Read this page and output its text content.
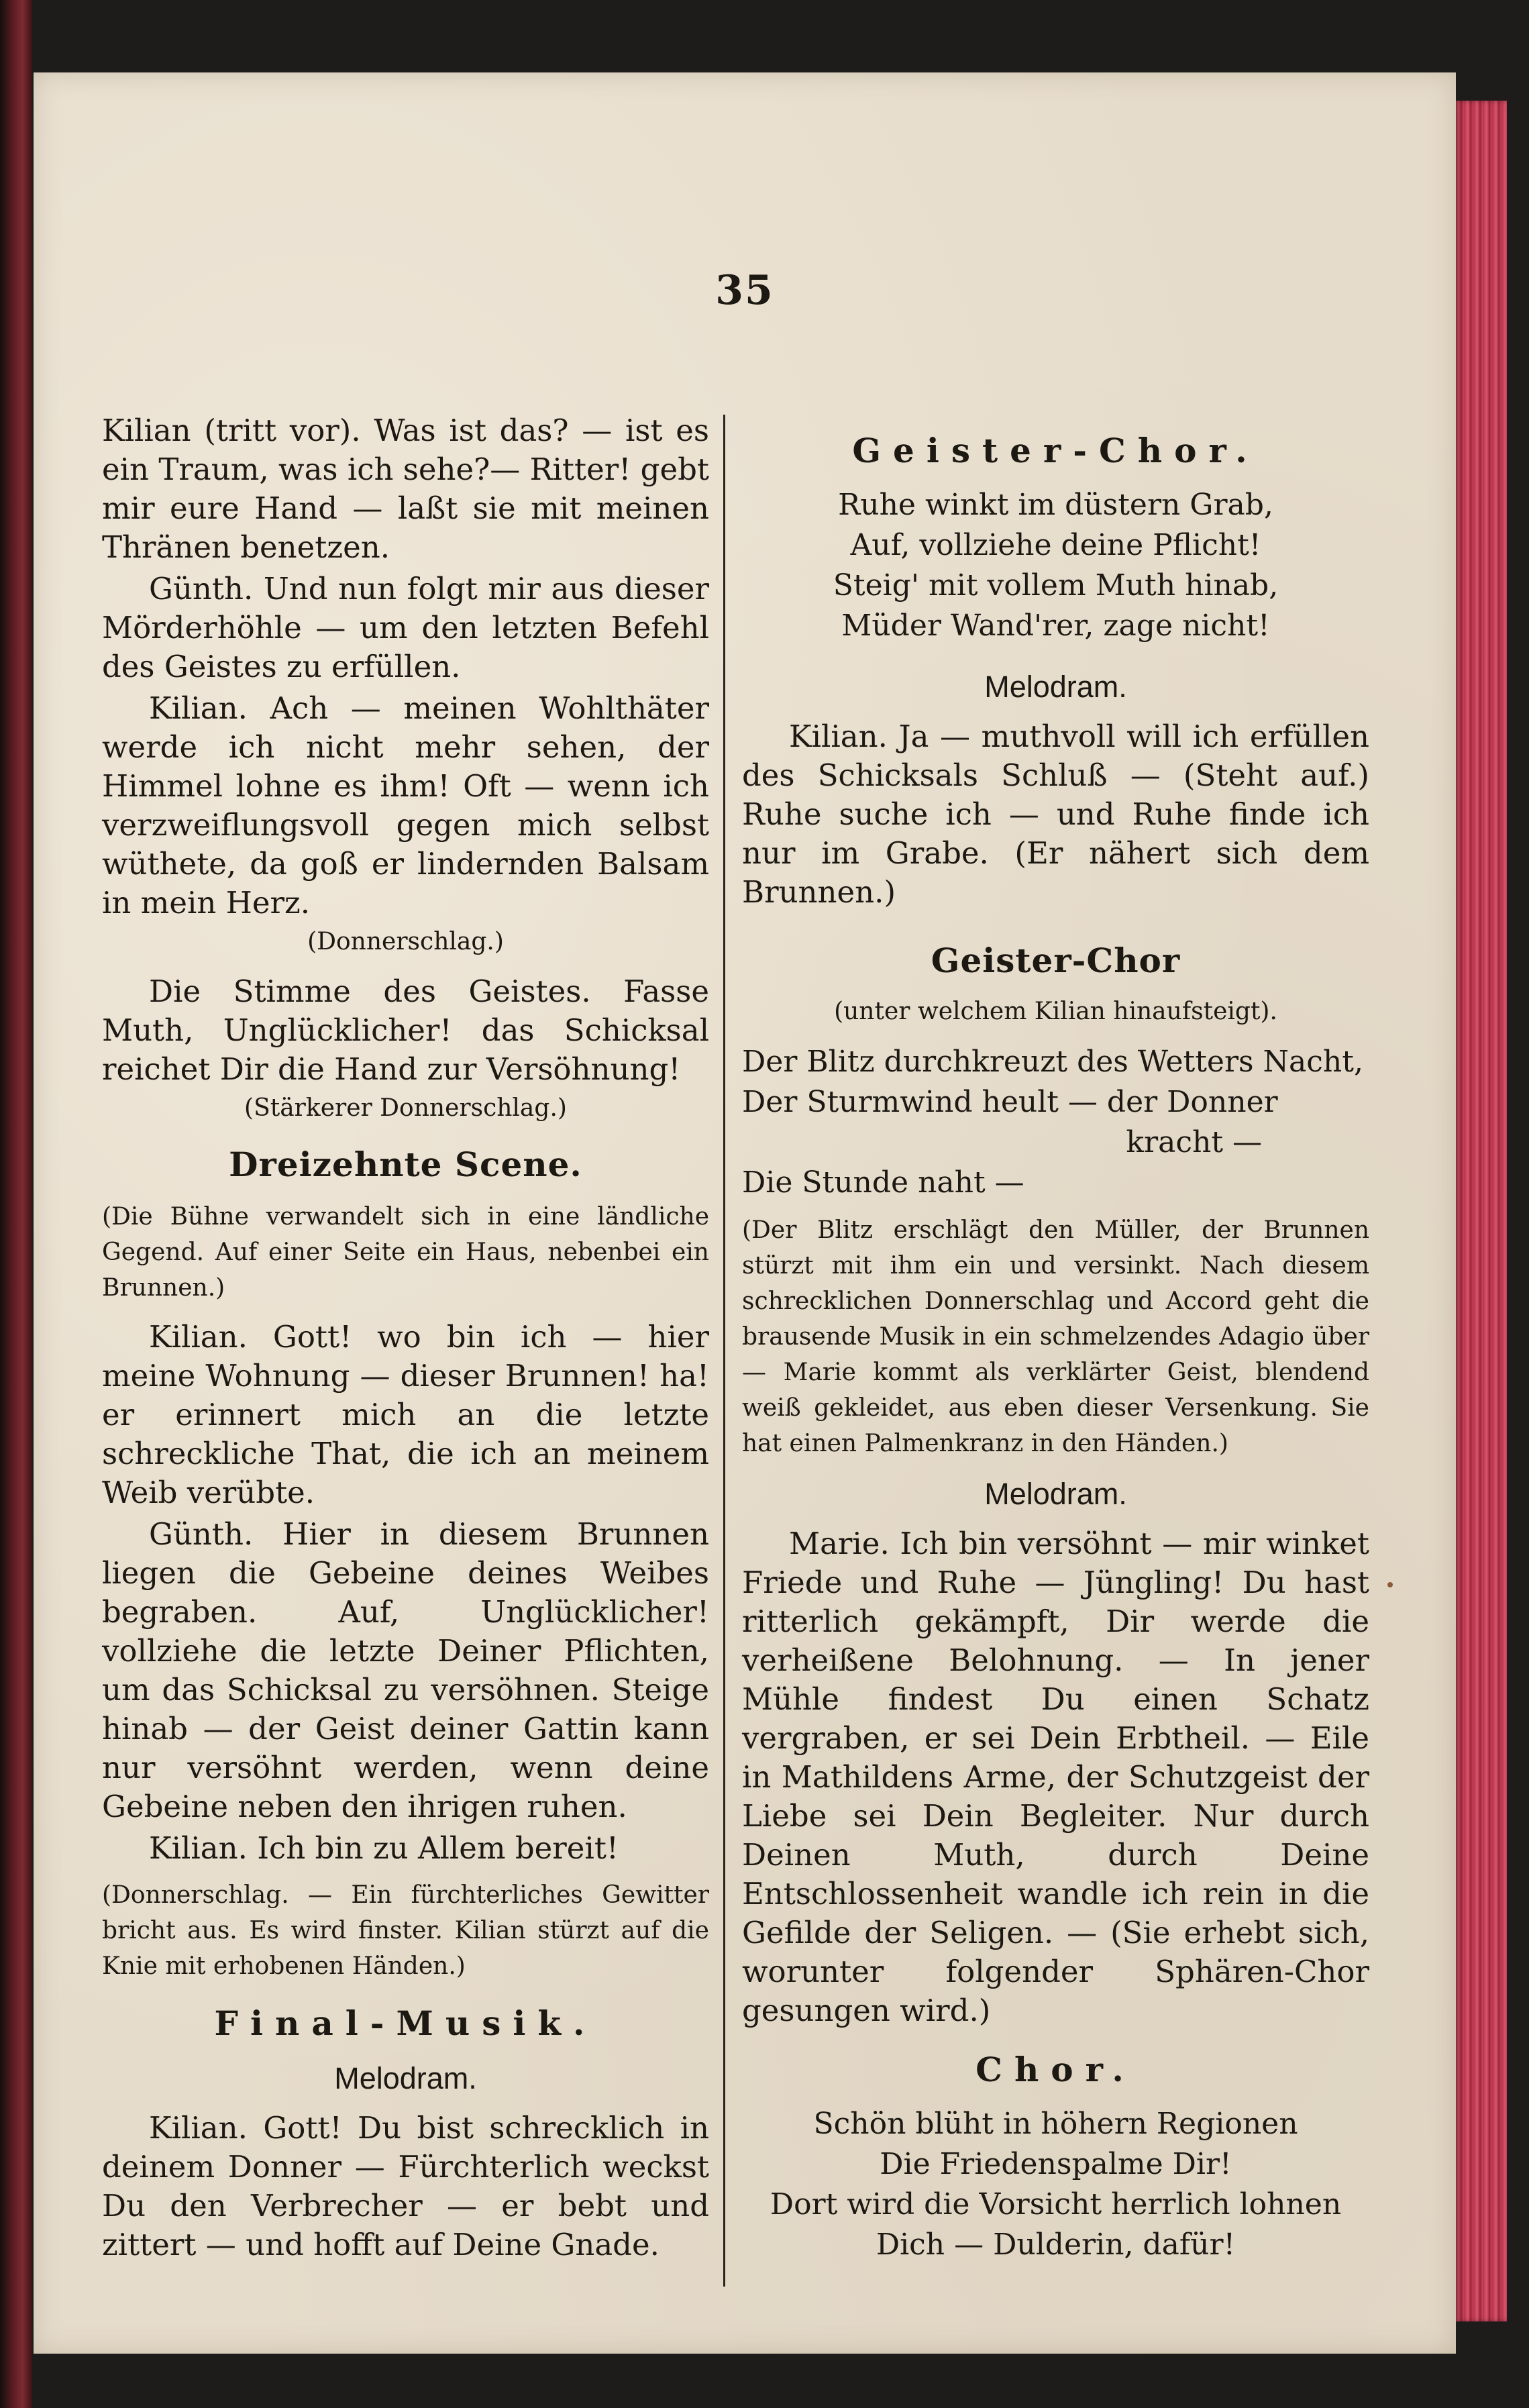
35

Kilian (tritt vor). Was ist das? — ist es ein Traum, was ich sehe?— Ritter! gebt mir eure Hand — laßt sie mit meinen Thränen benetzen.

Günth. Und nun folgt mir aus dieser Mörderhöhle — um den letzten Befehl des Geistes zu erfüllen.

Kilian. Ach — meinen Wohlthäter werde ich nicht mehr sehen, der Himmel lohne es ihm! Oft — wenn ich verzweiflungsvoll gegen mich selbst wüthete, da goß er lindernden Balsam in mein Herz.

(Donnerschlag.)

Die Stimme des Geistes. Fasse Muth, Unglücklicher! das Schicksal reichet Dir die Hand zur Versöhnung!

(Stärkerer Donnerschlag.)
Dreizehnte Scene.
(Die Bühne verwandelt sich in eine ländliche Gegend. Auf einer Seite ein Haus, nebenbei ein Brunnen.)

Kilian. Gott! wo bin ich — hier meine Wohnung — dieser Brunnen! ha! er erinnert mich an die letzte schreckliche That, die ich an meinem Weib verübte.

Günth. Hier in diesem Brunnen liegen die Gebeine deines Weibes begraben. Auf, Unglücklicher! vollziehe die letzte Deiner Pflichten, um das Schicksal zu versöhnen. Steige hinab — der Geist deiner Gattin kann nur versöhnt werden, wenn deine Gebeine neben den ihrigen ruhen.

Kilian. Ich bin zu Allem bereit!

(Donnerschlag. — Ein fürchterliches Gewitter bricht aus. Es wird finster. Kilian stürzt auf die Knie mit erhobenen Händen.)
Final-Musik.
Melodram.

Kilian. Gott! Du bist schrecklich in deinem Donner — Fürchterlich weckst Du den Verbrecher — er bebt und zittert — und hofft auf Deine Gnade.

Geister-Chor.

Ruhe winkt im düstern Grab,

Auf, vollziehe deine Pflicht!

Steig' mit vollem Muth hinab,

Müder Wand'rer, zage nicht!

Melodram.

Kilian. Ja — muthvoll will ich erfüllen des Schicksals Schluß — (Steht auf.) Ruhe suche ich — und Ruhe finde ich nur im Grabe. (Er nähert sich dem Brunnen.)

Geister-Chor
(unter welchem Kilian hinaufsteigt).

Der Blitz durchkreuzt des Wetters Nacht,

Der Sturmwind heult — der Donner

kracht —

Die Stunde naht —

(Der Blitz erschlägt den Müller, der Brunnen stürzt mit ihm ein und versinkt. Nach diesem schrecklichen Donnerschlag und Accord geht die brausende Musik in ein schmelzendes Adagio über — Marie kommt als verklärter Geist, blendend weiß gekleidet, aus eben dieser Versenkung. Sie hat einen Palmenkranz in den Händen.)
Melodram.

Marie. Ich bin versöhnt — mir winket Friede und Ruhe — Jüngling! Du hast ritterlich gekämpft, Dir werde die verheißene Belohnung. — In jener Mühle findest Du einen Schatz vergraben, er sei Dein Erbtheil. — Eile in Mathildens Arme, der Schutzgeist der Liebe sei Dein Begleiter. Nur durch Deinen Muth, durch Deine Entschlossenheit wandle ich rein in die Gefilde der Seligen. — (Sie erhebt sich, worunter folgender Sphären-Chor gesungen wird.)

Chor.

Schön blüht in höhern Regionen

Die Friedenspalme Dir!

Dort wird die Vorsicht herrlich lohnen

Dich — Dulderin, dafür!
